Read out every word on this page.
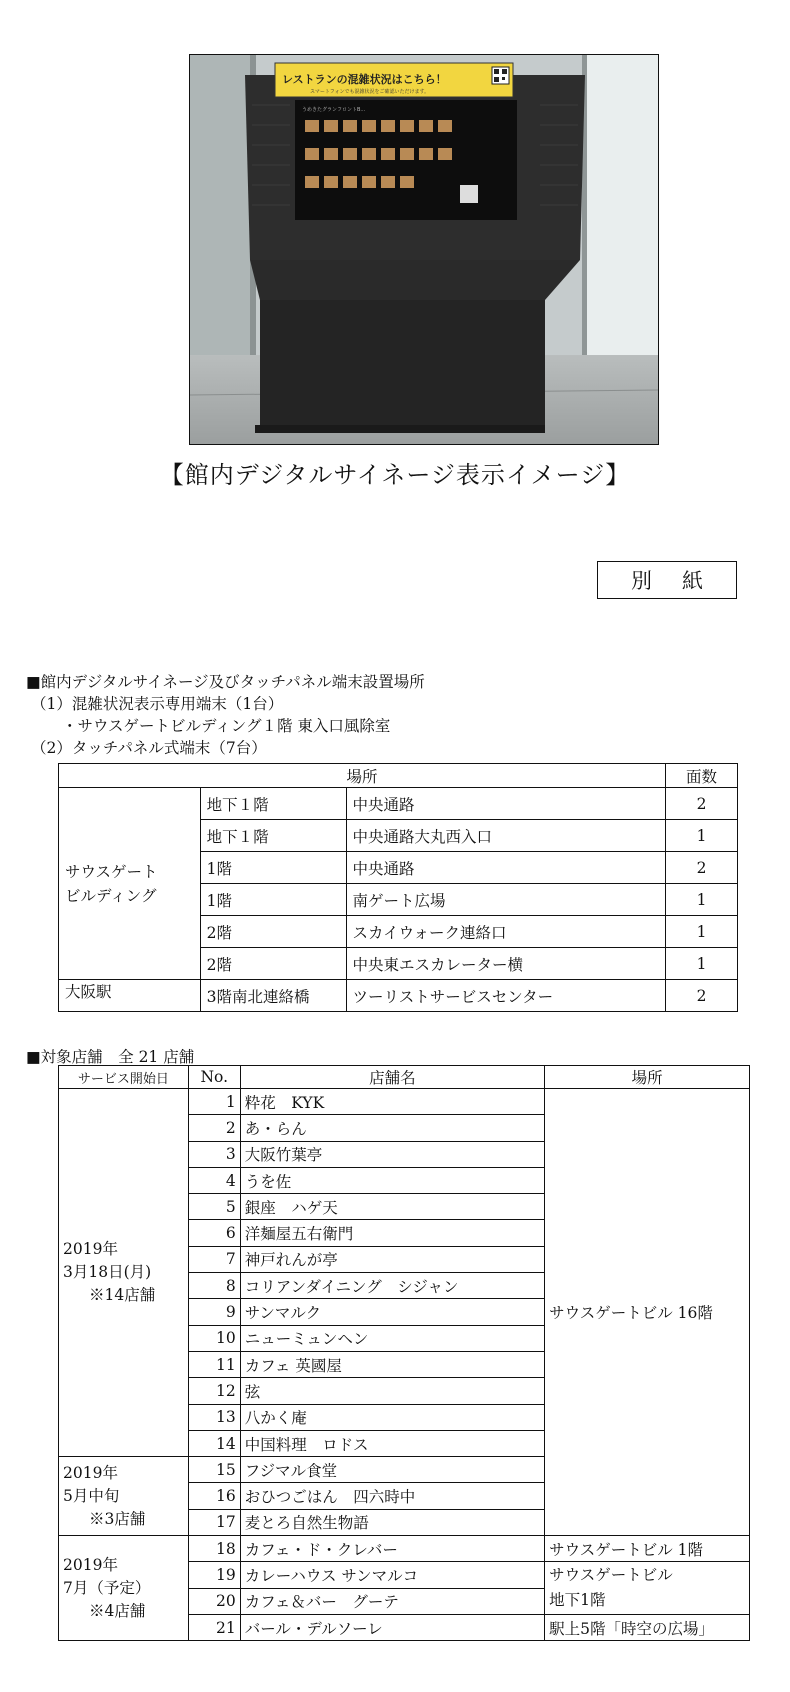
レストランの混雑状況はこちら！
スマートフォンでも混雑状況をご確認いただけます。
うめきたグランフロントB...
【館内デジタルサイネージ表示イメージ】
別紙
■館内デジタルサイネージ及びタッチパネル端末設置場所
（1）混雑状況表示専用端末（1台）
・サウスゲートビルディング１階 東入口風除室
（2）タッチパネル式端末（7台）
場所			面数
サウスゲート
ビルディング	地下１階	中央通路	2
	地下１階	中央通路大丸西入口	1
	1階	中央通路	2
	1階	南ゲート広場	1
	2階	スカイウォーク連絡口	1
	2階	中央東エスカレーター横	1
大阪駅	3階南北連絡橋	ツーリストサービスセンター	2
■対象店舗　全 21 店舗
サービス開始日	No.	店舗名	場所

2019年
3月18日(月)
※14店舗	1	粋花　KYK	サウスゲートビル 16階
	2	あ・らん	
	3	大阪竹葉亭	
	4	うを佐	
	5	銀座　ハゲ天	
	6	洋麺屋五右衛門	
	7	神戸れんが亭	
	8	コリアンダイニング　シジャン	
	9	サンマルク	
	10	ニューミュンヘン	
	11	カフェ 英國屋	
	12	弦	
	13	八かく庵	
	14	中国料理　ロドス	

2019年
5月中旬
※3店舗	15	フジマル食堂	
	16	おひつごはん　四六時中	
	17	麦とろ自然生物語	

2019年
7月（予定）
※4店舗	18	カフェ・ド・クレバー	サウスゲートビル 1階
	19	カレーハウス サンマルコ	サウスゲートビル
地下1階

	20	カフェ＆バー　グーテ	
	21	バール・デルソーレ	駅上5階「時空の広場」
